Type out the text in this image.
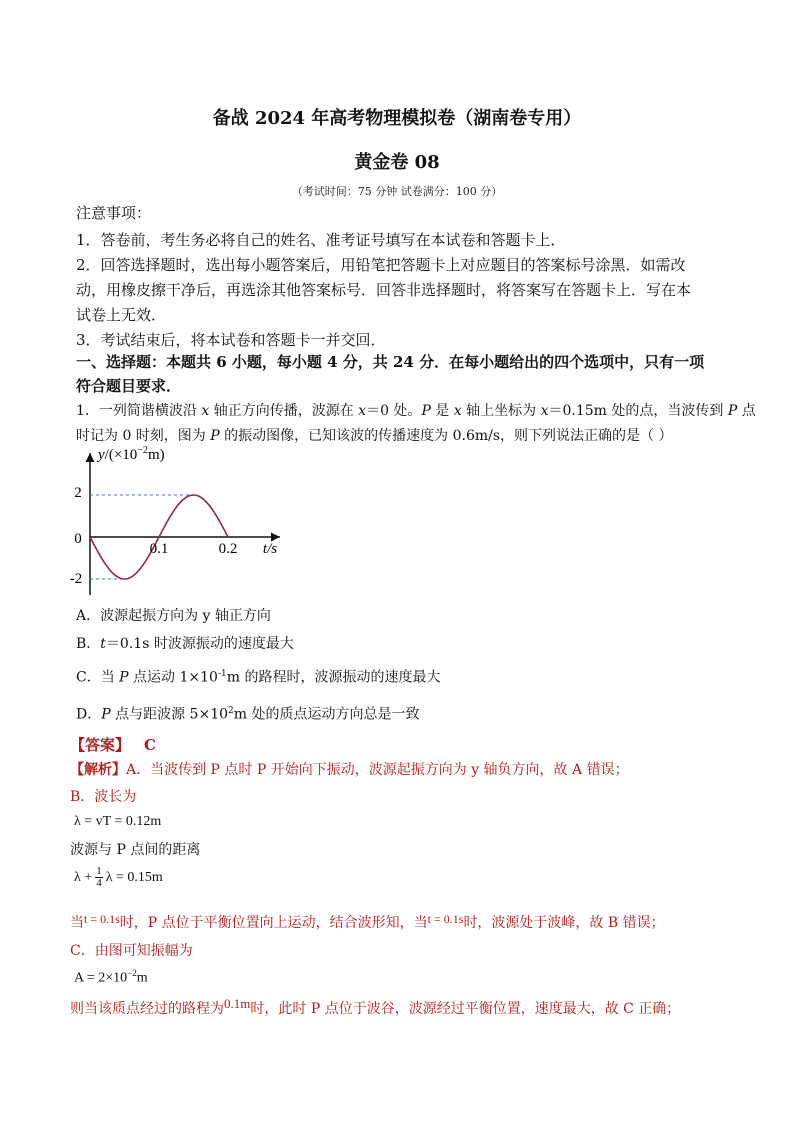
备战 2024 年高考物理模拟卷（湖南卷专用）
黄金卷 08
（考试时间：75 分钟 试卷满分：100 分）
注意事项：
1．答卷前，考生务必将自己的姓名、准考证号填写在本试卷和答题卡上．
2．回答选择题时，选出每小题答案后，用铅笔把答题卡上对应题目的答案标号涂黑．如需改
动，用橡皮擦干净后，再选涂其他答案标号．回答非选择题时，将答案写在答题卡上．写在本
试卷上无效．
3．考试结束后，将本试卷和答题卡一并交回．
一、选择题：本题共 6 小题，每小题 4 分，共 24 分．在每小题给出的四个选项中，只有一项
符合题目要求．
1．一列简谐横波沿 x 轴正方向传播，波源在 x＝0 处。P 是 x 轴上坐标为 x＝0.15m 处的点，当波传到 P 点
时记为 0 时刻，图为 P 的振动图像，已知该波的传播速度为 0.6m/s，则下列说法正确的是（ ）
2
0
-2
0.1	0.2 t/s
$y/(\times 10^{-2}m)$
A．波源起振方向为 y 轴正方向
B．t＝0.1s 时波源振动的速度最大
C．当 P 点运动 $1\times 10^{-1}m$ 的路程时，波源振动的速度最大
D．P 点与距波源 $5\times 10^2m$ 处的质点运动方向总是一致
【答案】 C
【解析】A．当波传到 P 点时 P 开始向下振动，波源起振方向为 y 轴负方向，故 A 错误；
B．波长为
λ = vT = 0.12m
波源与 P 点间的距离
$\lambda + \frac{1}{4}$ λ = 0.15m
当t = 0.1s时，P 点位于平衡位置向上运动，结合波形知，当t = 0.1s时，波源处于波峰，故 B 错误；
C．由图可知振幅为
$A = 2\times 10^{-2}m$
则当该质点经过的路程为0.1m时，此时 P 点位于波谷，波源经过平衡位置，速度最大，故 C 正确；
